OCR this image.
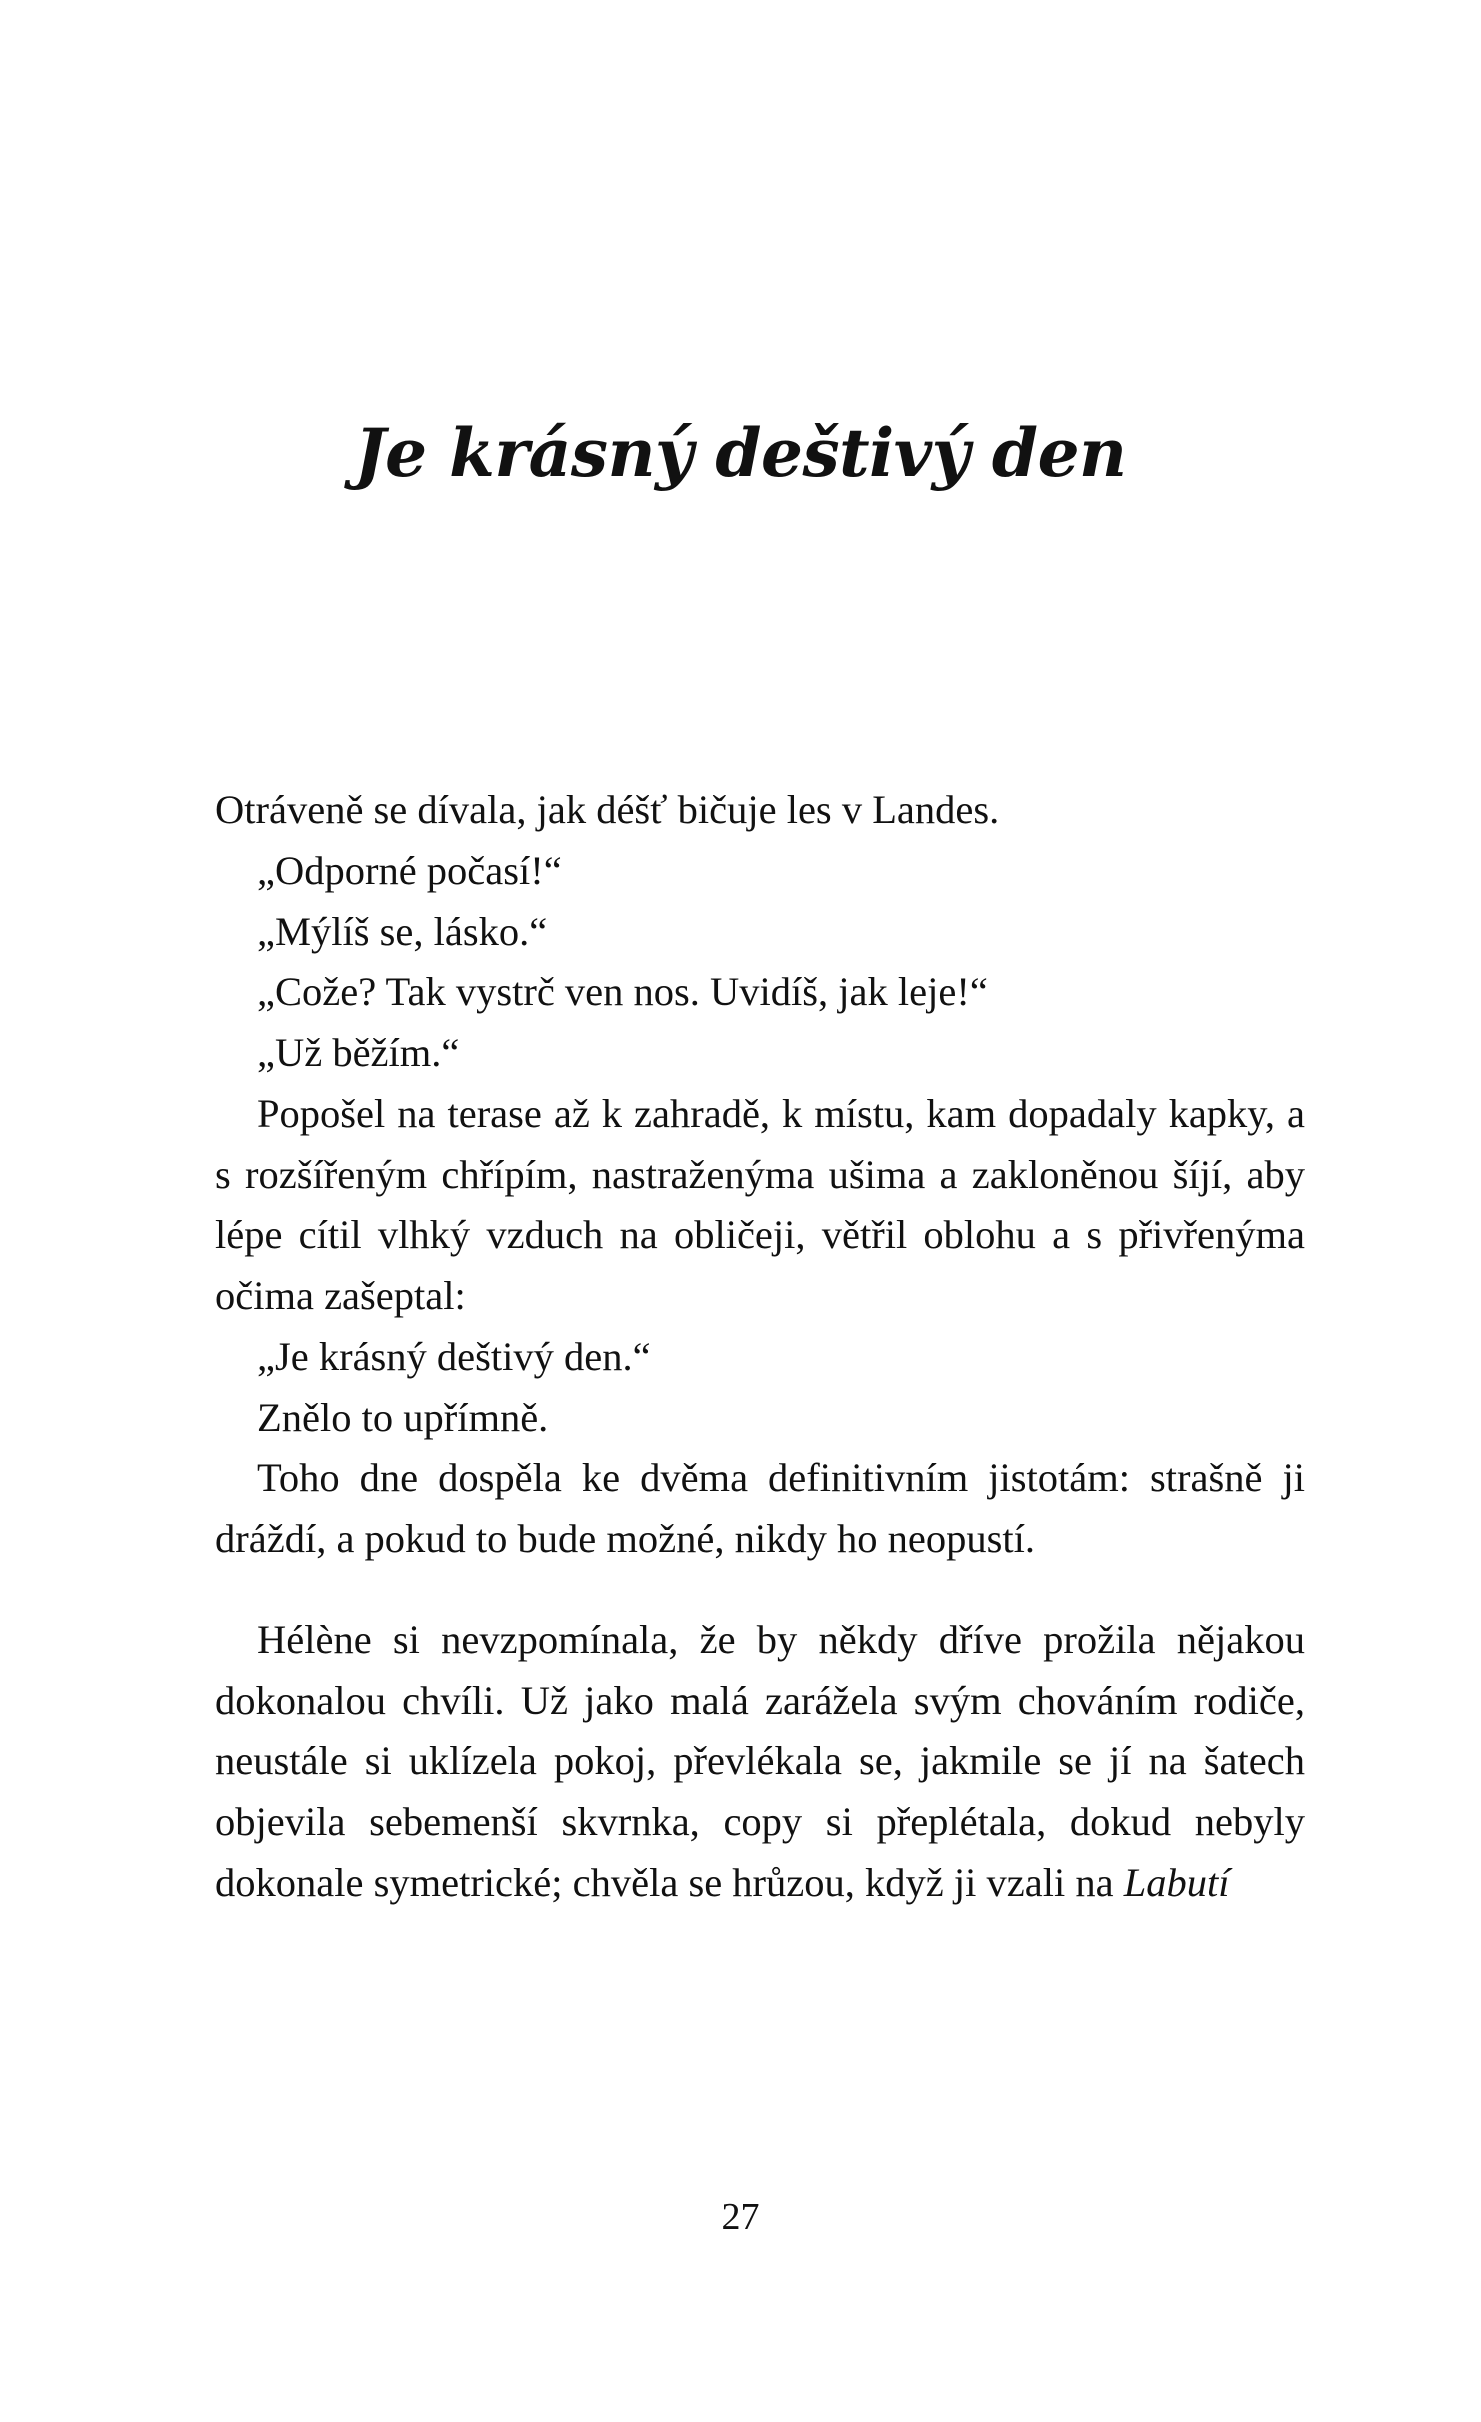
Je krásný deštivý den

Otráveně se dívala, jak déšť bičuje les v Landes.

„Odporné počasí!“

„Mýlíš se, lásko.“

„Cože? Tak vystrč ven nos. Uvidíš, jak leje!“

„Už běžím.“

Popošel na terase až k zahradě, k místu, kam dopadaly kapky, a s rozšířeným chřípím, nastraženýma ušima a zakloněnou šíjí, aby lépe cítil vlhký vzduch na obličeji, větřil oblohu a s přivřenýma očima zašeptal:

„Je krásný deštivý den.“

Znělo to upřímně.

Toho dne dospěla ke dvěma definitivním jistotám: strašně ji dráždí, a pokud to bude možné, nikdy ho neopustí.

Hélène si nevzpomínala, že by někdy dříve prožila nějakou dokonalou chvíli. Už jako malá zarážela svým chováním rodiče, neustále si uklízela pokoj, převlékala se, jakmile se jí na šatech objevila sebemenší skvrnka, copy si přeplétala, dokud nebyly dokonale symetrické; chvěla se hrůzou, když ji vzali na Labutí

27
